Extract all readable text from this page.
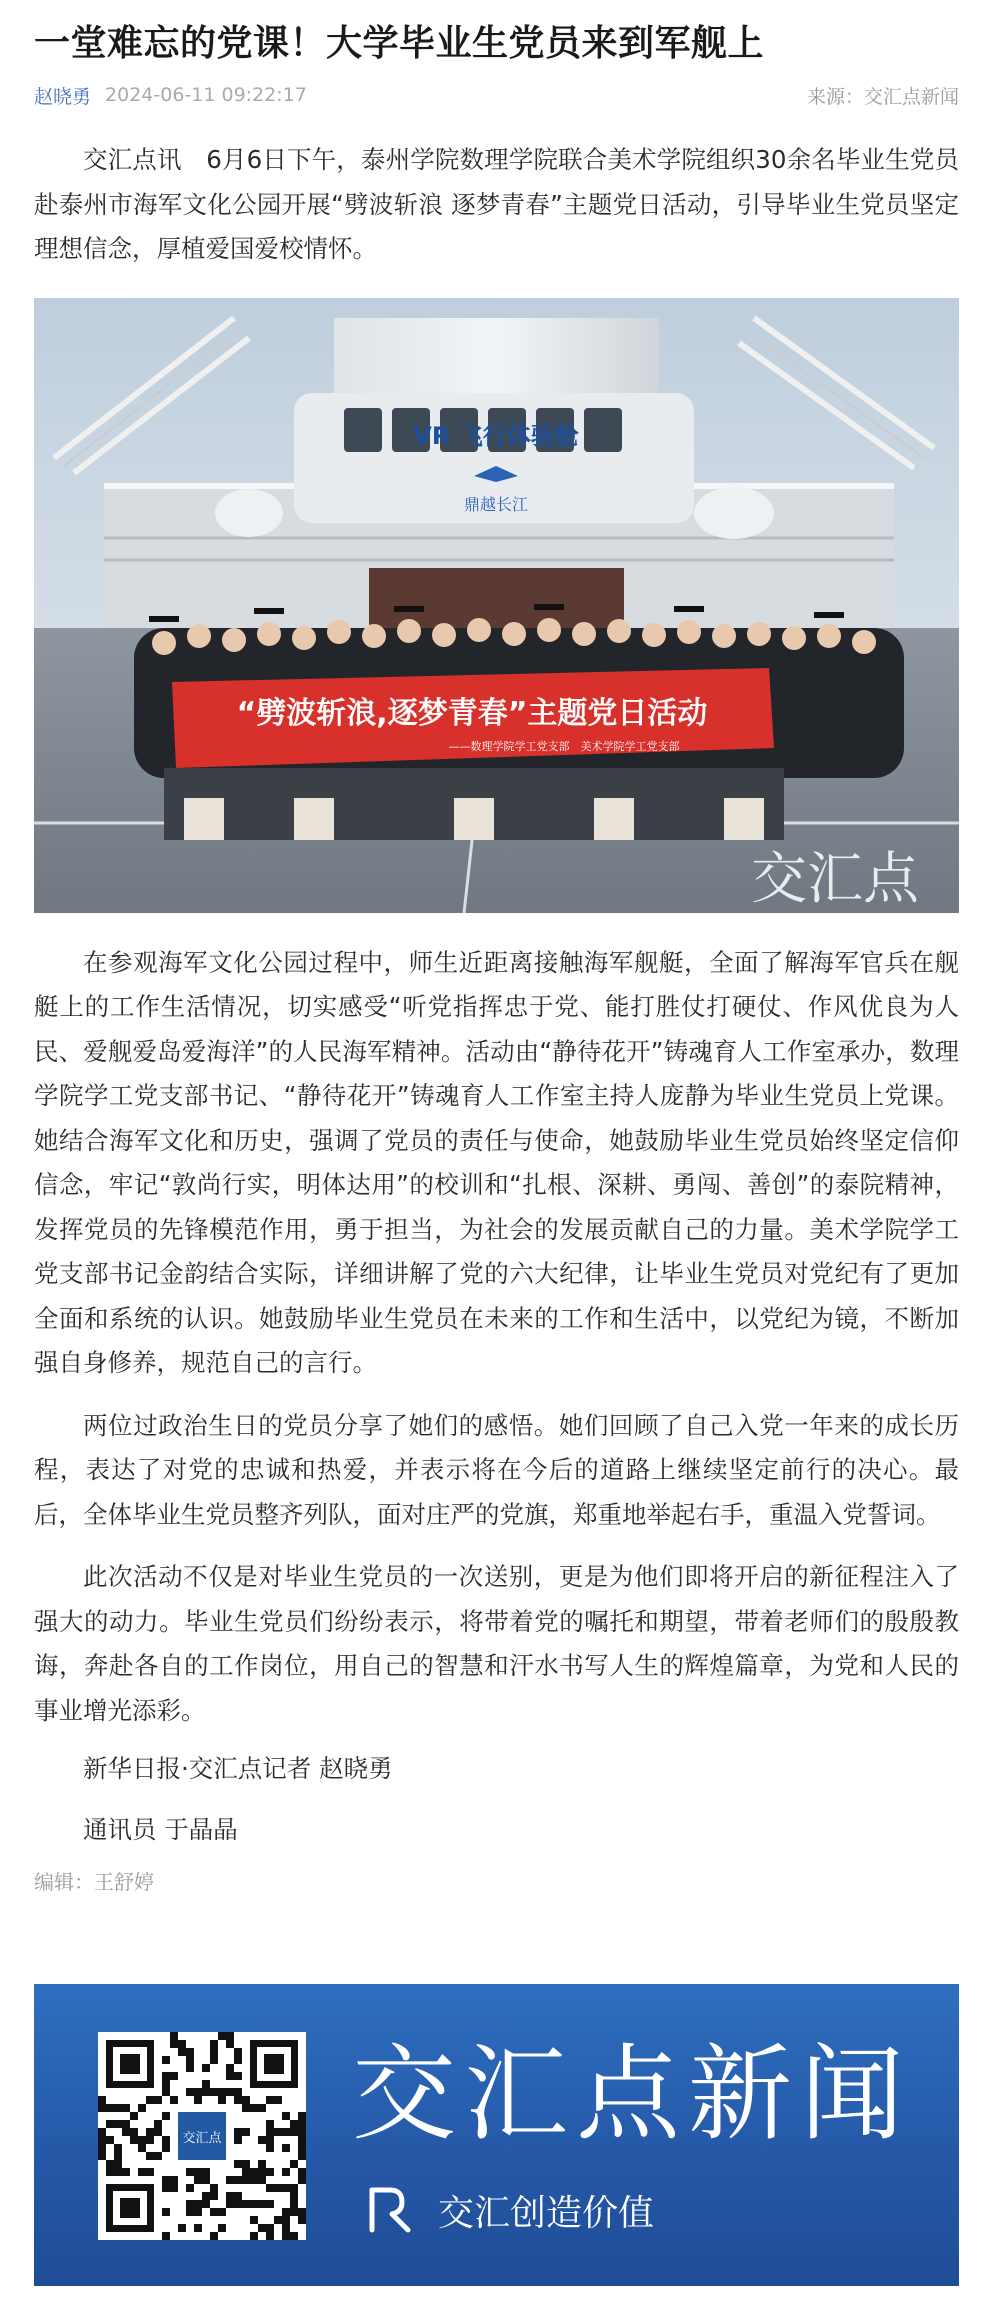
一堂难忘的党课！大学毕业生党员来到军舰上
赵晓勇 2024-06-11 09:22:17	来源：交汇点新闻

交汇点讯　6月6日下午，泰州学院数理学院联合美术学院组织30余名毕业生党员赴泰州市海军文化公园开展“劈波斩浪 逐梦青春”主题党日活动，引导毕业生党员坚定理想信念，厚植爱国爱校情怀。

VR 飞行体验舱
鼎越长江
“劈波斩浪,逐梦青春”主题党日活动
——数理学院学工党支部　美术学院学工党支部
交汇点

在参观海军文化公园过程中，师生近距离接触海军舰艇，全面了解海军官兵在舰艇上的工作生活情况，切实感受“听党指挥忠于党、能打胜仗打硬仗、作风优良为人民、爱舰爱岛爱海洋”的人民海军精神。活动由“静待花开”铸魂育人工作室承办，数理学院学工党支部书记、“静待花开”铸魂育人工作室主持人庞静为毕业生党员上党课。她结合海军文化和历史，强调了党员的责任与使命，她鼓励毕业生党员始终坚定信仰信念，牢记“敦尚行实，明体达用”的校训和“扎根、深耕、勇闯、善创”的泰院精神，发挥党员的先锋模范作用，勇于担当，为社会的发展贡献自己的力量。美术学院学工党支部书记金韵结合实际，详细讲解了党的六大纪律，让毕业生党员对党纪有了更加全面和系统的认识。她鼓励毕业生党员在未来的工作和生活中，以党纪为镜，不断加强自身修养，规范自己的言行。

两位过政治生日的党员分享了她们的感悟。她们回顾了自己入党一年来的成长历程，表达了对党的忠诚和热爱，并表示将在今后的道路上继续坚定前行的决心。最后，全体毕业生党员整齐列队，面对庄严的党旗，郑重地举起右手，重温入党誓词。

此次活动不仅是对毕业生党员的一次送别，更是为他们即将开启的新征程注入了强大的动力。毕业生党员们纷纷表示，将带着党的嘱托和期望，带着老师们的殷殷教诲，奔赴各自的工作岗位，用自己的智慧和汗水书写人生的辉煌篇章，为党和人民的事业增光添彩。

新华日报·交汇点记者 赵晓勇

通讯员 于晶晶

编辑：王舒婷
交汇点 交汇点新闻
交汇创造价值
